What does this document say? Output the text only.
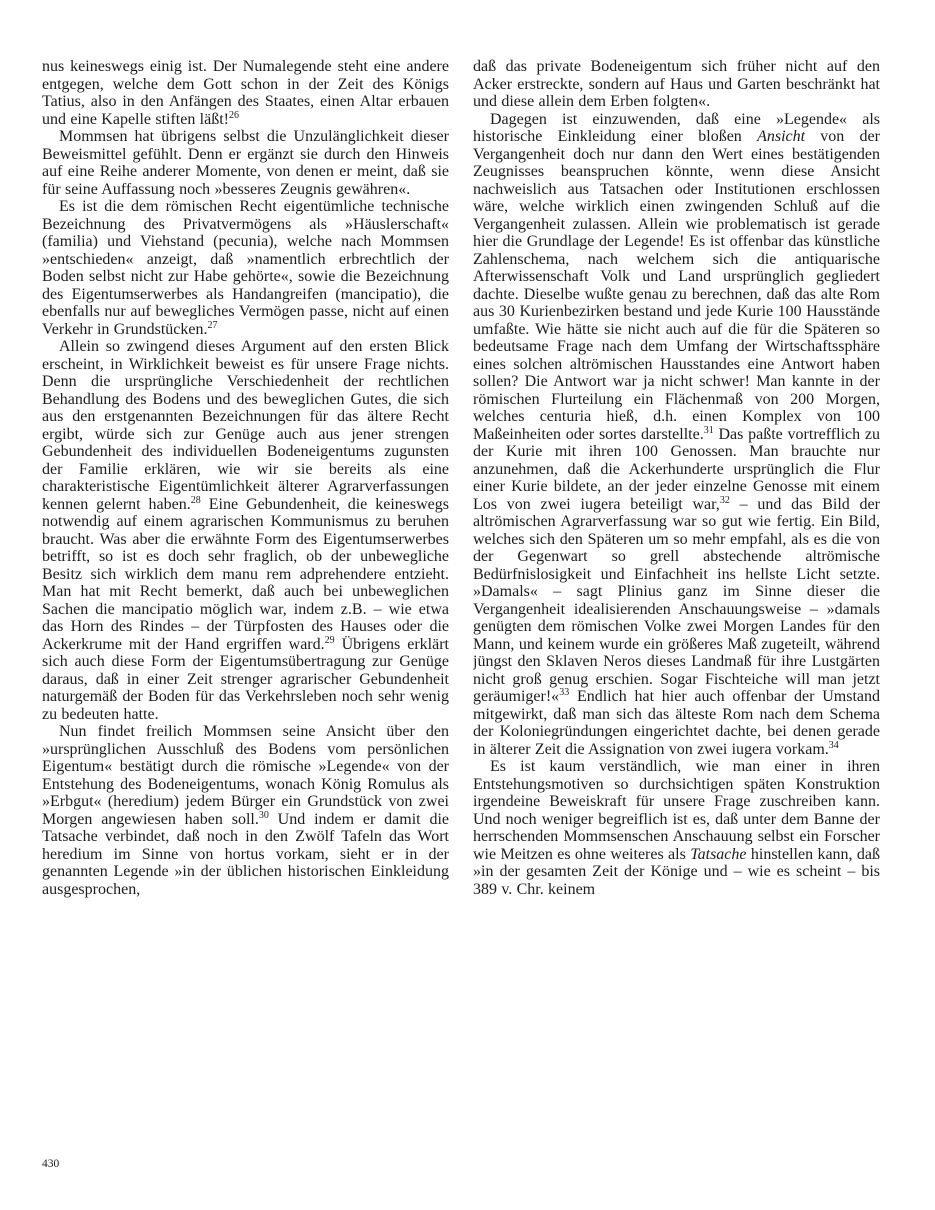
nus keineswegs einig ist. Der Numalegende steht eine andere entgegen, welche dem Gott schon in der Zeit des Königs Tatius, also in den Anfängen des Staates, einen Altar erbauen und eine Kapelle stiften läßt!$^{26}$

Mommsen hat übrigens selbst die Unzulänglichkeit dieser Beweismittel gefühlt. Denn er ergänzt sie durch den Hinweis auf eine Reihe anderer Momente, von denen er meint, daß sie für seine Auffassung noch »besseres Zeugnis gewähren«.

Es ist die dem römischen Recht eigentümliche technische Bezeichnung des Privatvermögens als »Häuslerschaft« (familia) und Viehstand (pecunia), welche nach Mommsen »entschieden« anzeigt, daß »namentlich erbrechtlich der Boden selbst nicht zur Habe gehörte«, sowie die Bezeichnung des Eigentumserwerbes als Handangreifen (mancipatio), die ebenfalls nur auf bewegliches Vermögen passe, nicht auf einen Verkehr in Grundstücken.$^{27}$

Allein so zwingend dieses Argument auf den ersten Blick erscheint, in Wirklichkeit beweist es für unsere Frage nichts. Denn die ursprüngliche Verschiedenheit der rechtlichen Behandlung des Bodens und des beweglichen Gutes, die sich aus den erstgenannten Bezeichnungen für das ältere Recht ergibt, würde sich zur Genüge auch aus jener strengen Gebundenheit des individuellen Bodeneigentums zugunsten der Familie erklären, wie wir sie bereits als eine charakteristische Eigentümlichkeit älterer Agrarverfassungen kennen gelernt haben.$^{28}$ Eine Gebundenheit, die keineswegs notwendig auf einem agrarischen Kommunismus zu beruhen braucht. Was aber die erwähnte Form des Eigentumserwerbes betrifft, so ist es doch sehr fraglich, ob der unbewegliche Besitz sich wirklich dem manu rem adprehendere entzieht. Man hat mit Recht bemerkt, daß auch bei unbeweglichen Sachen die mancipatio möglich war, indem z.B. – wie etwa das Horn des Rindes – der Türpfosten des Hauses oder die Ackerkrume mit der Hand ergriffen ward.$^{29}$ Übrigens erklärt sich auch diese Form der Eigentumsübertragung zur Genüge daraus, daß in einer Zeit strenger agrarischer Gebundenheit naturgemäß der Boden für das Verkehrsleben noch sehr wenig zu bedeuten hatte.

Nun findet freilich Mommsen seine Ansicht über den »ursprünglichen Ausschluß des Bodens vom persönlichen Eigentum« bestätigt durch die römische »Legende« von der Entstehung des Bodeneigentums, wonach König Romulus als »Erbgut« (heredium) jedem Bürger ein Grundstück von zwei Morgen angewiesen haben soll.$^{30}$ Und indem er damit die Tatsache verbindet, daß noch in den Zwölf Tafeln das Wort heredium im Sinne von hortus vorkam, sieht er in der genannten Legende »in der üblichen historischen Einkleidung ausgesprochen,

daß das private Bodeneigentum sich früher nicht auf den Acker erstreckte, sondern auf Haus und Garten beschränkt hat und diese allein dem Erben folgten«.

Dagegen ist einzuwenden, daß eine »Legende« als historische Einkleidung einer bloßen Ansicht von der Vergangenheit doch nur dann den Wert eines bestätigenden Zeugnisses beanspruchen könnte, wenn diese Ansicht nachweislich aus Tatsachen oder Institutionen erschlossen wäre, welche wirklich einen zwingenden Schluß auf die Vergangenheit zulassen. Allein wie problematisch ist gerade hier die Grundlage der Legende! Es ist offenbar das künstliche Zahlenschema, nach welchem sich die antiquarische Afterwissenschaft Volk und Land ursprünglich gegliedert dachte. Dieselbe wußte genau zu berechnen, daß das alte Rom aus 30 Kurienbezirken bestand und jede Kurie 100 Hausstände umfaßte. Wie hätte sie nicht auch auf die für die Späteren so bedeutsame Frage nach dem Umfang der Wirtschaftssphäre eines solchen altrömischen Hausstandes eine Antwort haben sollen? Die Antwort war ja nicht schwer! Man kannte in der römischen Flurteilung ein Flächenmaß von 200 Morgen, welches centuria hieß, d.h. einen Komplex von 100 Maßeinheiten oder sortes darstellte.$^{31}$ Das paßte vortrefflich zu der Kurie mit ihren 100 Genossen. Man brauchte nur anzunehmen, daß die Ackerhunderte ursprünglich die Flur einer Kurie bildete, an der jeder einzelne Genosse mit einem Los von zwei iugera beteiligt war,$^{32}$ – und das Bild der altrömischen Agrarverfassung war so gut wie fertig. Ein Bild, welches sich den Späteren um so mehr empfahl, als es die von der Gegenwart so grell abstechende altrömische Bedürfnislosigkeit und Einfachheit ins hellste Licht setzte. »Damals« – sagt Plinius ganz im Sinne dieser die Vergangenheit idealisierenden Anschauungsweise – »damals genügten dem römischen Volke zwei Morgen Landes für den Mann, und keinem wurde ein größeres Maß zugeteilt, während jüngst den Sklaven Neros dieses Landmaß für ihre Lustgärten nicht groß genug erschien. Sogar Fischteiche will man jetzt geräumiger!«$^{33}$ Endlich hat hier auch offenbar der Umstand mitgewirkt, daß man sich das älteste Rom nach dem Schema der Koloniegründungen eingerichtet dachte, bei denen gerade in älterer Zeit die Assignation von zwei iugera vorkam.$^{34}$

Es ist kaum verständlich, wie man einer in ihren Entstehungsmotiven so durchsichtigen späten Konstruktion irgendeine Beweiskraft für unsere Frage zuschreiben kann. Und noch weniger begreiflich ist es, daß unter dem Banne der herrschenden Mommsenschen Anschauung selbst ein Forscher wie Meitzen es ohne weiteres als Tatsache hinstellen kann, daß »in der gesamten Zeit der Könige und – wie es scheint – bis 389 v. Chr. keinem

430
